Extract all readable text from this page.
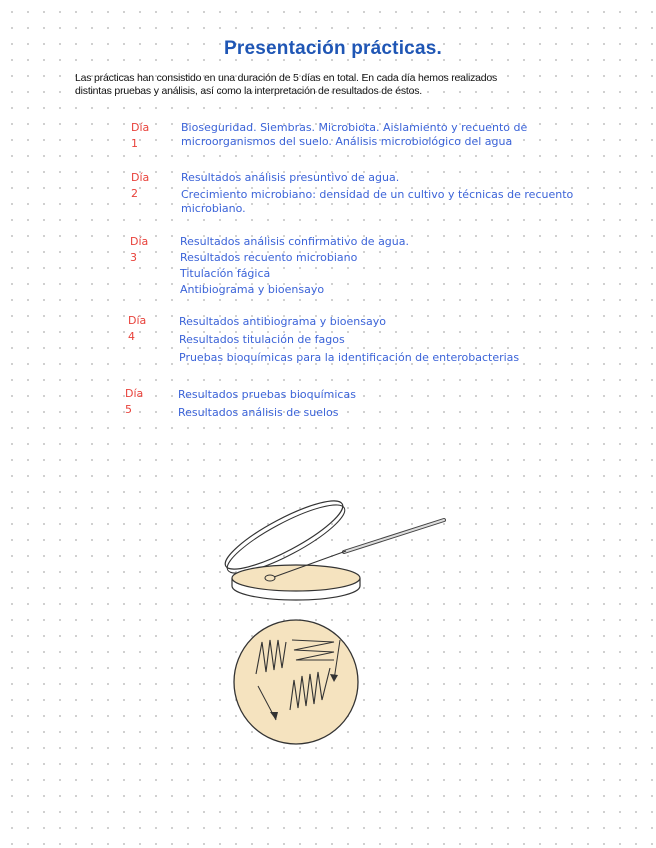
Presentación prácticas.
Las prácticas han consistido en una duración de 5 días en total. En cada día hemos realizados
distintas pruebas y análisis, así como la interpretación de resultados de éstos.
Día 1
Bioseguridad. Siembras. Microbiota. Aislamiento y recuento de
microorganismos del suelo. Análisis microbiológico del agua
Día 2
Resultados análisis presuntivo de agua.
Crecimiento microbiano: densidad de un cultivo y técnicas de recuento
microbiano.
Día 3
Resultados análisis confirmativo de agua.
Resultados recuento microbiano
Titulación fágica
Antibiograma y bioensayo
Día 4
Resultados antibiograma y bioensayo
Resultados titulación de fagos
Pruebas bioquímicas para la identificación de enterobacterias
Día 5
Resultados pruebas bioquímicas
Resultados análisis de suelos
